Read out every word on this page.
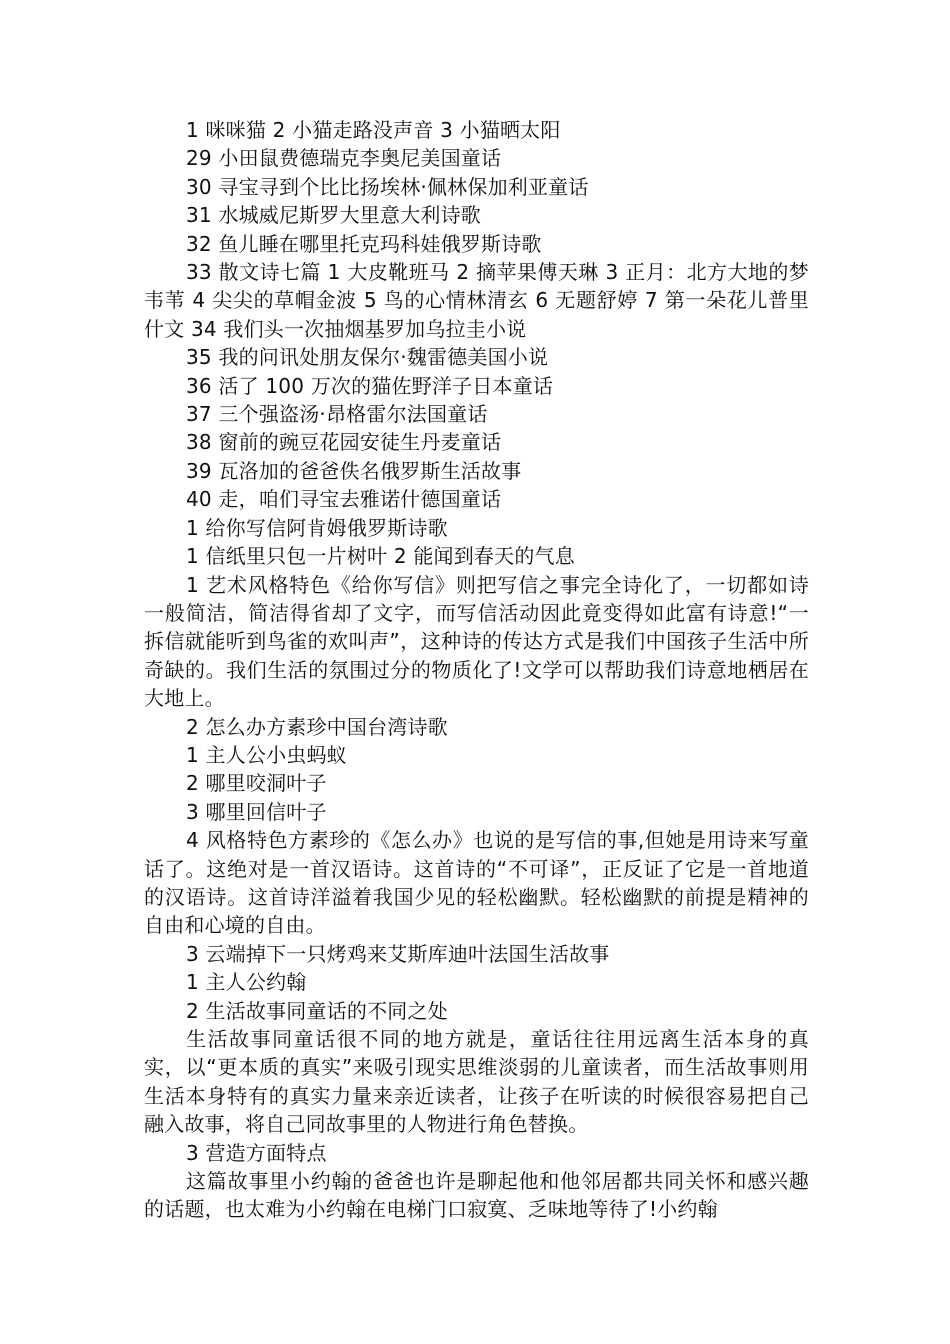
1 咪咪猫 2 小猫走路没声音 3 小猫晒太阳

29 小田鼠费德瑞克李奥尼美国童话

30 寻宝寻到个比比扬埃林·佩林保加利亚童话

31 水城威尼斯罗大里意大利诗歌

32 鱼儿睡在哪里托克玛科娃俄罗斯诗歌

33 散文诗七篇 1 大皮靴班马 2 摘苹果傅天琳 3 正月：北方大地的梦韦苇 4 尖尖的草帽金波 5 鸟的心情林清玄 6 无题舒婷 7 第一朵花儿普里什文 34 我们头一次抽烟基罗加乌拉圭小说

35 我的问讯处朋友保尔·魏雷德美国小说

36 活了 100 万次的猫佐野洋子日本童话

37 三个强盗汤·昂格雷尔法国童话

38 窗前的豌豆花园安徒生丹麦童话

39 瓦洛加的爸爸佚名俄罗斯生活故事

40 走，咱们寻宝去雅诺什德国童话

1 给你写信阿肯姆俄罗斯诗歌

1 信纸里只包一片树叶 2 能闻到春天的气息

1 艺术风格特色《给你写信》则把写信之事完全诗化了，一切都如诗一般简洁，简洁得省却了文字，而写信活动因此竟变得如此富有诗意!“一拆信就能听到鸟雀的欢叫声”，这种诗的传达方式是我们中国孩子生活中所奇缺的。我们生活的氛围过分的物质化了!文学可以帮助我们诗意地栖居在大地上。

2 怎么办方素珍中国台湾诗歌

1 主人公小虫蚂蚁

2 哪里咬洞叶子

3 哪里回信叶子

4 风格特色方素珍的《怎么办》也说的是写信的事,但她是用诗来写童话了。这绝对是一首汉语诗。这首诗的“不可译”，正反证了它是一首地道的汉语诗。这首诗洋溢着我国少见的轻松幽默。轻松幽默的前提是精神的自由和心境的自由。

3 云端掉下一只烤鸡来艾斯库迪叶法国生活故事

1 主人公约翰

2 生活故事同童话的不同之处

生活故事同童话很不同的地方就是，童话往往用远离生活本身的真实，以“更本质的真实”来吸引现实思维淡弱的儿童读者，而生活故事则用生活本身特有的真实力量来亲近读者，让孩子在听读的时候很容易把自己融入故事，将自己同故事里的人物进行角色替换。

3 营造方面特点

这篇故事里小约翰的爸爸也许是聊起他和他邻居都共同关怀和感兴趣的话题，也太难为小约翰在电梯门口寂寞、乏味地等待了!小约翰
